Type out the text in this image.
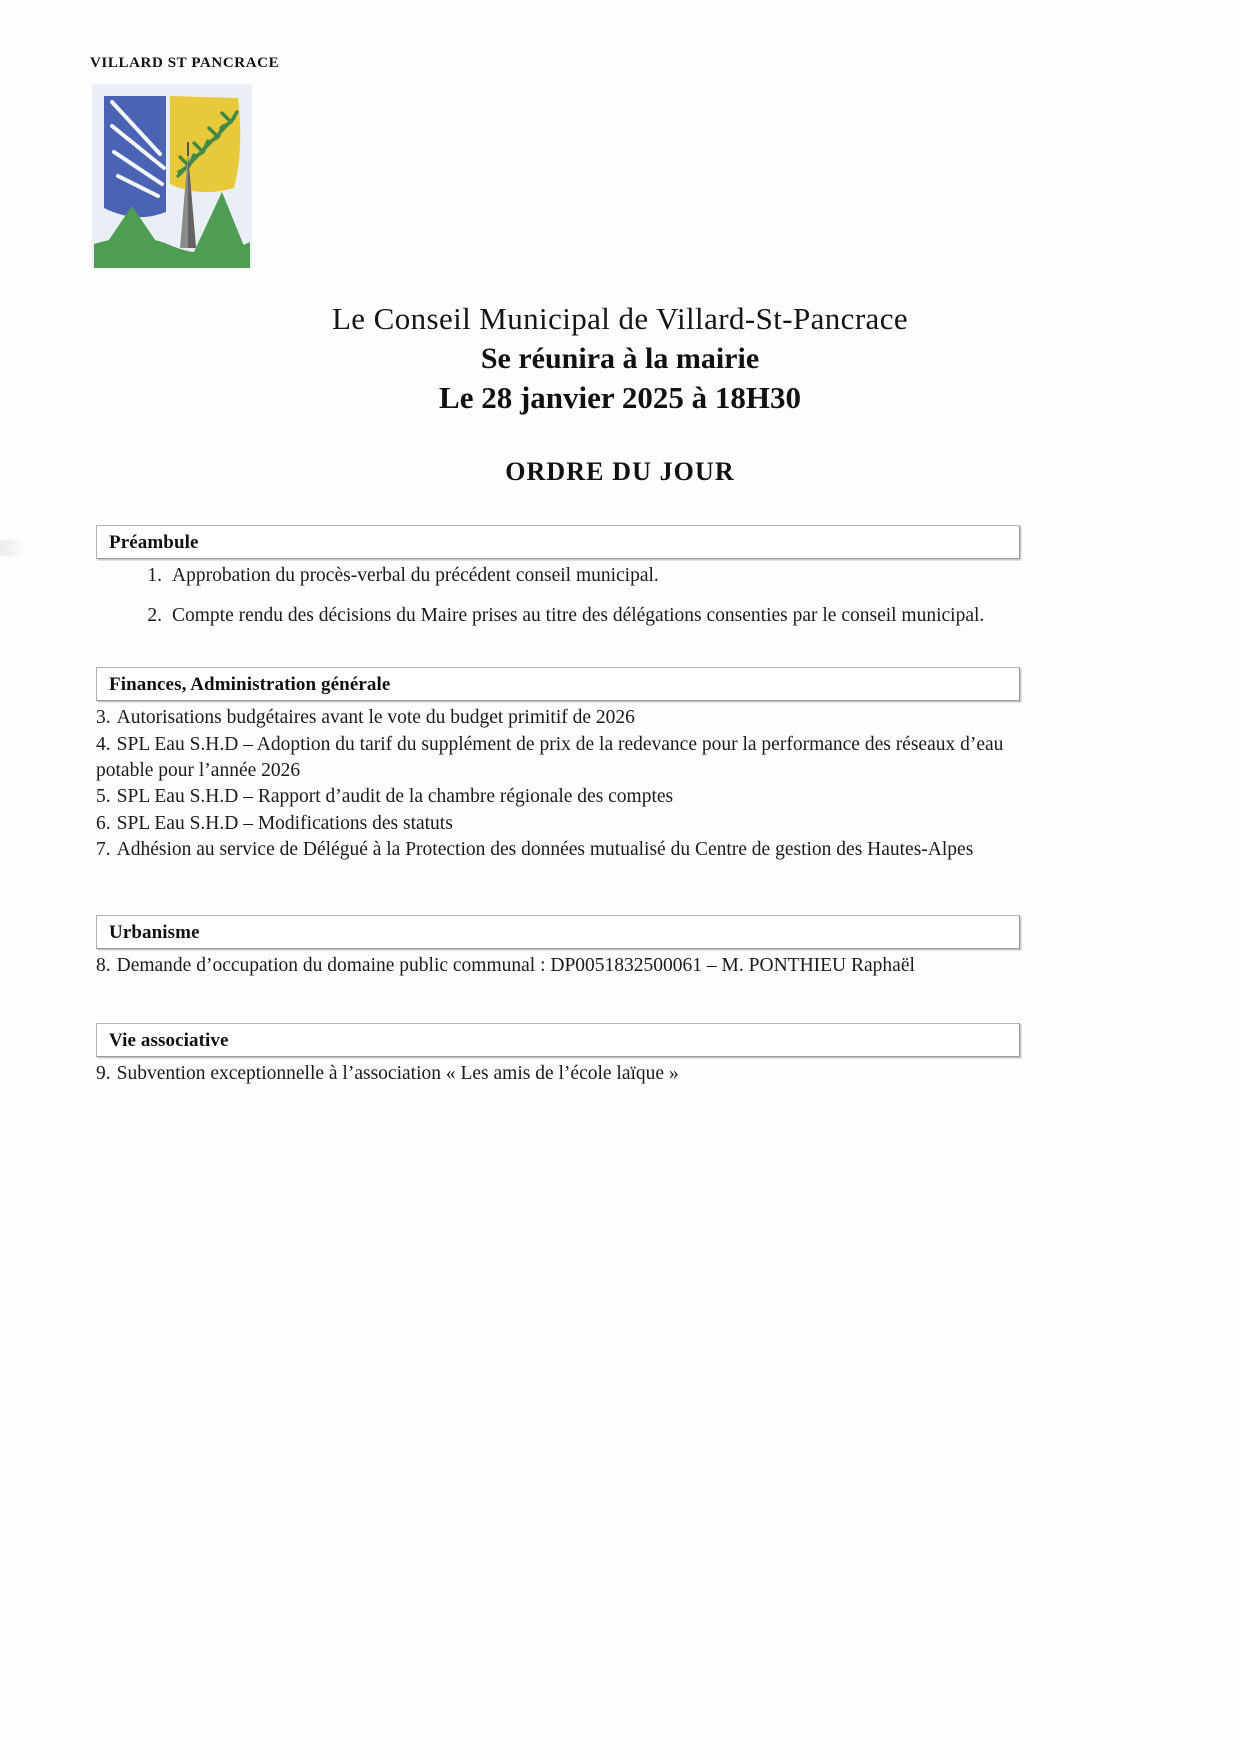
VILLARD ST PANCRACE
Le Conseil Municipal de Villard-St-Pancrace
Se réunira à la mairie
Le 28 janvier 2025 à 18H30
ORDRE DU JOUR
Préambule
1. Approbation du procès-verbal du précédent conseil municipal.
2. Compte rendu des décisions du Maire prises au titre des délégations consenties par le conseil municipal.
Finances, Administration générale
3. Autorisations budgétaires avant le vote du budget primitif de 2026
4. SPL Eau S.H.D – Adoption du tarif du supplément de prix de la redevance pour la performance des réseaux d’eau potable pour l’année 2026
5. SPL Eau S.H.D – Rapport d’audit de la chambre régionale des comptes
6. SPL Eau S.H.D – Modifications des statuts
7. Adhésion au service de Délégué à la Protection des données mutualisé du Centre de gestion des Hautes-Alpes
Urbanisme
8. Demande d’occupation du domaine public communal : DP0051832500061 – M. PONTHIEU Raphaël
Vie associative
9. Subvention exceptionnelle à l’association « Les amis de l’école laïque »
